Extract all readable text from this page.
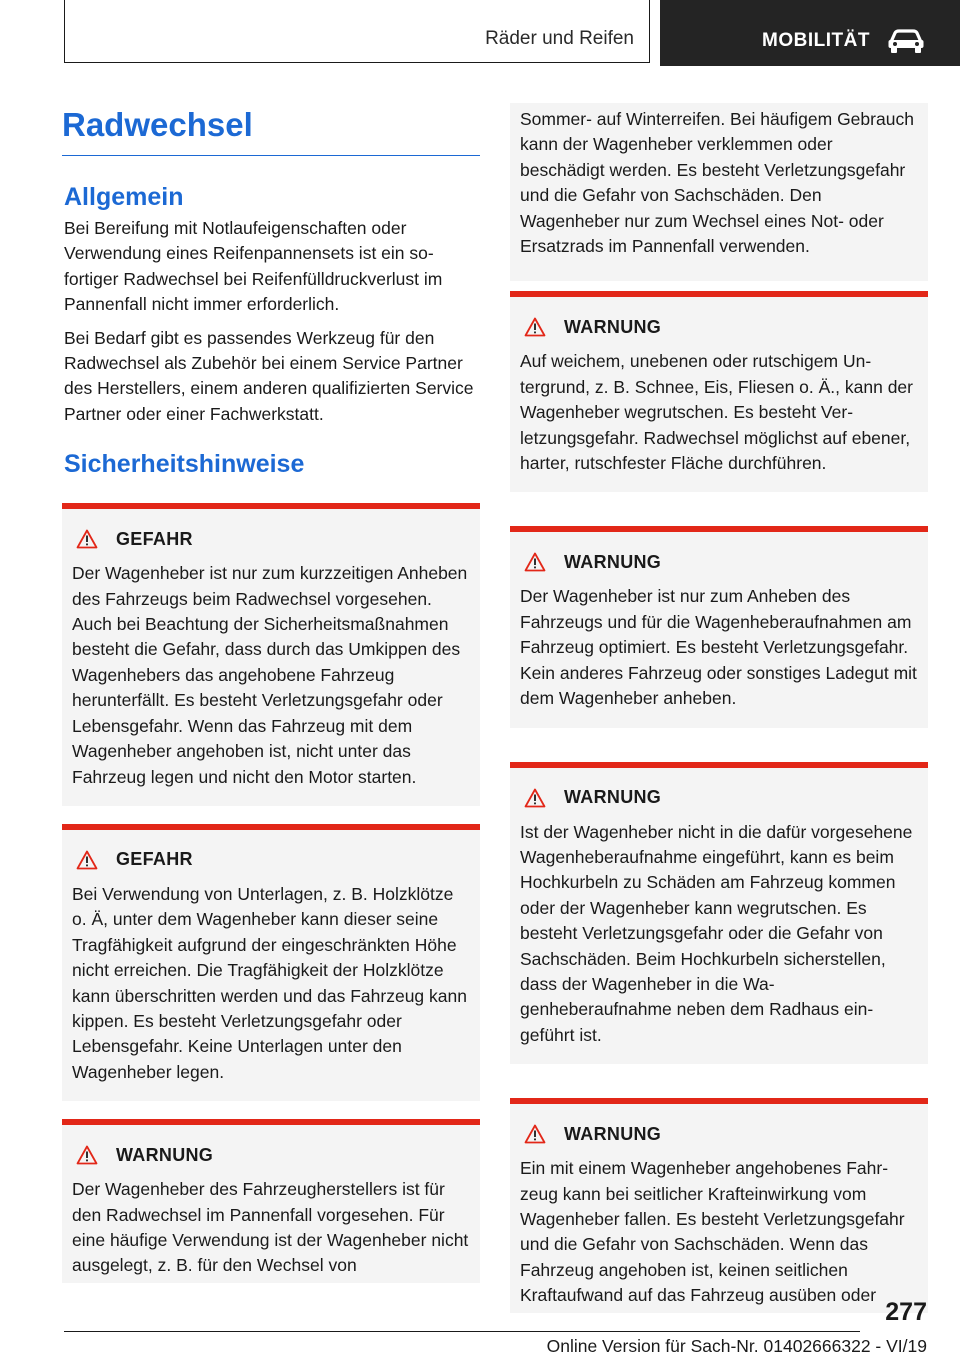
Räder und Reifen	MOBILITÄT
Radwechsel
Allgemein

Bei Bereifung mit Notlaufeigenschaften oder Verwendung eines Reifenpannensets ist ein sofortiger Radwechsel bei Reifenfülldruckverlust im Pannenfall nicht immer erforderlich.

Bei Bedarf gibt es passendes Werkzeug für den Radwechsel als Zubehör bei einem Service Partner des Herstellers, einem anderen qualifizierten Service Partner oder einer Fachwerkstatt.

Sicherheitshinweise
GEFAHR
Der Wagenheber ist nur zum kurzzeitigen Anheben des Fahrzeugs beim Radwechsel vorgesehen. Auch bei Beachtung der Sicherheitsmaßnahmen besteht die Gefahr, dass durch das Umkippen des Wagenhebers das angehobene Fahrzeug herunterfällt. Es besteht Verletzungsgefahr oder Lebensgefahr. Wenn das Fahrzeug mit dem Wagenheber angehoben ist, nicht unter das Fahrzeug legen und nicht den Motor starten.
GEFAHR
Bei Verwendung von Unterlagen, z. B. Holzklötze o. Ä, unter dem Wagenheber kann dieser seine Tragfähigkeit aufgrund der eingeschränkten Höhe nicht erreichen. Die Tragfähigkeit der Holzklötze kann überschritten werden und das Fahrzeug kann kippen. Es besteht Verletzungsgefahr oder Lebensgefahr. Keine Unterlagen unter den Wagenheber legen.
WARNUNG
Der Wagenheber des Fahrzeugherstellers ist für den Radwechsel im Pannenfall vorgesehen. Für eine häufige Verwendung ist der Wagenheber nicht ausgelegt, z. B. für den Wechsel von
Sommer- auf Winterreifen. Bei häufigem Gebrauch kann der Wagenheber verklemmen oder beschädigt werden. Es besteht Verletzungsgefahr und die Gefahr von Sachschäden. Den Wagenheber nur zum Wechsel eines Not- oder Ersatzrads im Pannenfall verwenden.
WARNUNG
Auf weichem, unebenen oder rutschigem Untergrund, z. B. Schnee, Eis, Fliesen o. Ä., kann der Wagenheber wegrutschen. Es besteht Verletzungsgefahr. Radwechsel möglichst auf ebener, harter, rutschfester Fläche durchführen.
WARNUNG
Der Wagenheber ist nur zum Anheben des Fahrzeugs und für die Wagenheberaufnahmen am Fahrzeug optimiert. Es besteht Verletzungsgefahr. Kein anderes Fahrzeug oder sonstiges Ladegut mit dem Wagenheber anheben.
WARNUNG
Ist der Wagenheber nicht in die dafür vorgesehene Wagenheberaufnahme eingeführt, kann es beim Hochkurbeln zu Schäden am Fahrzeug kommen oder der Wagenheber kann wegrutschen. Es besteht Verletzungsgefahr oder die Gefahr von Sachschäden. Beim Hochkurbeln sicherstellen, dass der Wagenheber in die Wagenheberaufnahme neben dem Radhaus eingeführt ist.
WARNUNG
Ein mit einem Wagenheber angehobenes Fahrzeug kann bei seitlicher Krafteinwirkung vom Wagenheber fallen. Es besteht Verletzungsgefahr und die Gefahr von Sachschäden. Wenn das Fahrzeug angehoben ist, keinen seitlichen Kraftaufwand auf das Fahrzeug ausüben oder
277
Online Version für Sach-Nr. 01402666322 - VI/19
